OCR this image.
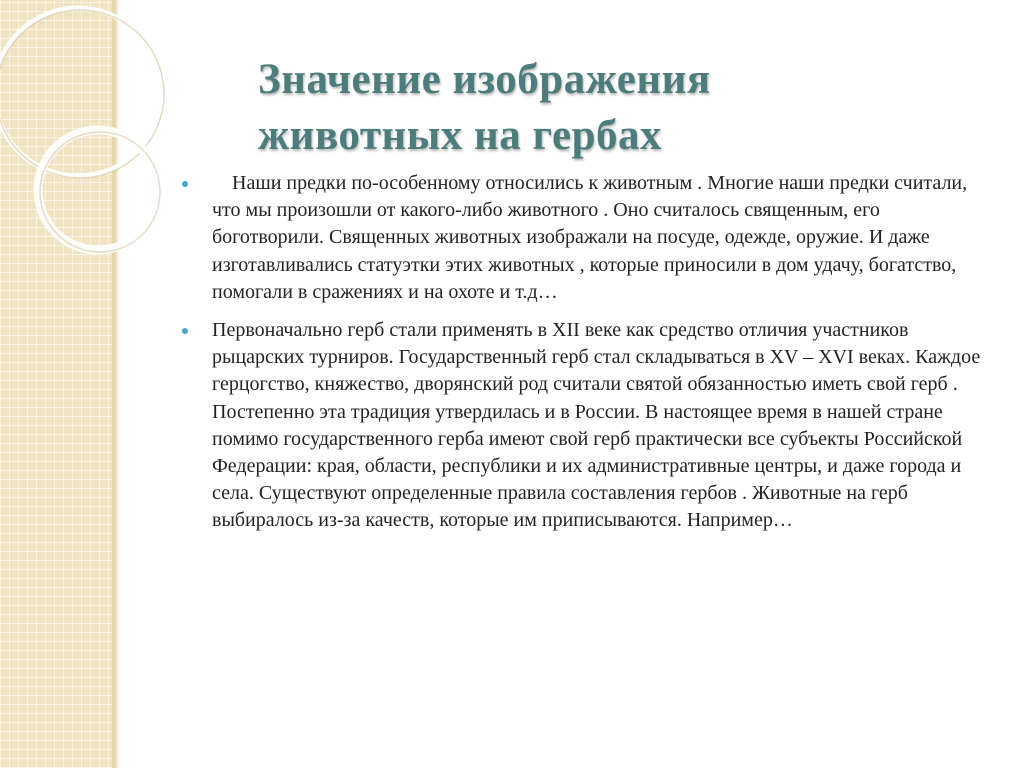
Значение изображения
животных на гербах
Наши предки по-особенному относились к животным . Многие наши предки считали, что мы произошли от какого-либо животного . Оно считалось священным, его боготворили. Священных животных изображали на посуде, одежде, оружие. И даже изготавливались статуэтки этих животных , которые приносили в дом удачу, богатство, помогали в сражениях и на охоте и т.д…
Первоначально герб стали применять в XII веке как средство отличия участников рыцарских турниров. Государственный герб стал складываться в XV – XVI веках. Каждое герцогство, княжество, дворянский род считали святой обязанностью иметь свой герб . Постепенно эта традиция утвердилась и в России. В настоящее время в нашей стране помимо государственного герба имеют свой герб практически все субъекты Российской Федерации: края, области, республики и их административные центры, и даже города и села. Существуют определенные правила составления гербов . Животные на герб выбиралось из-за качеств, которые им приписываются. Например…
